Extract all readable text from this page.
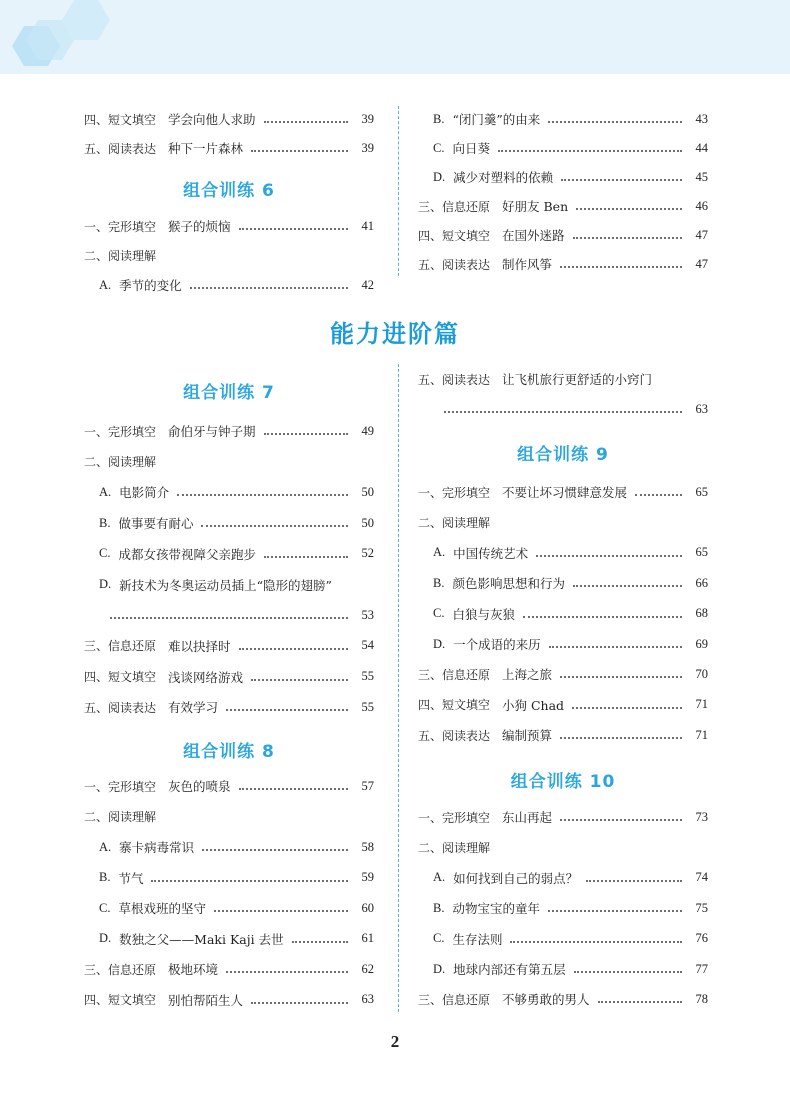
四、短文填空 学会向他人求助	39
五、阅读表达 种下一片森林	39
组合训练 6
一、完形填空 猴子的烦恼	41
二、阅读理解
A. 季节的变化	42
B. “闭门羹”的由来	43
C. 向日葵	44
D. 减少对塑料的依赖	45
三、信息还原 好朋友 Ben	46
四、短文填空 在国外迷路	47
五、阅读表达 制作风筝	47
能力进阶篇
组合训练 7
一、完形填空 俞伯牙与钟子期	49
二、阅读理解
A. 电影简介	50
B. 做事要有耐心	50
C. 成都女孩带视障父亲跑步	52
D. 新技术为冬奥运动员插上“隐形的翅膀”
53
三、信息还原 难以抉择时	54
四、短文填空 浅谈网络游戏	55
五、阅读表达 有效学习	55
组合训练 8
一、完形填空 灰色的喷泉	57
二、阅读理解
A. 寨卡病毒常识	58
B. 节气	59
C. 草根戏班的坚守	60
D. 数独之父——Maki Kaji 去世	61
三、信息还原 极地环境	62
四、短文填空 别怕帮陌生人	63
五、阅读表达 让飞机旅行更舒适的小窍门
63
组合训练 9
一、完形填空 不要让坏习惯肆意发展	65
二、阅读理解
A. 中国传统艺术	65
B. 颜色影响思想和行为	66
C. 白狼与灰狼	68
D. 一个成语的来历	69
三、信息还原 上海之旅	70
四、短文填空 小狗 Chad	71
五、阅读表达 编制预算	71
组合训练 10
一、完形填空 东山再起	73
二、阅读理解
A. 如何找到自己的弱点？	74
B. 动物宝宝的童年	75
C. 生存法则	76
D. 地球内部还有第五层	77
三、信息还原 不够勇敢的男人	78
2
